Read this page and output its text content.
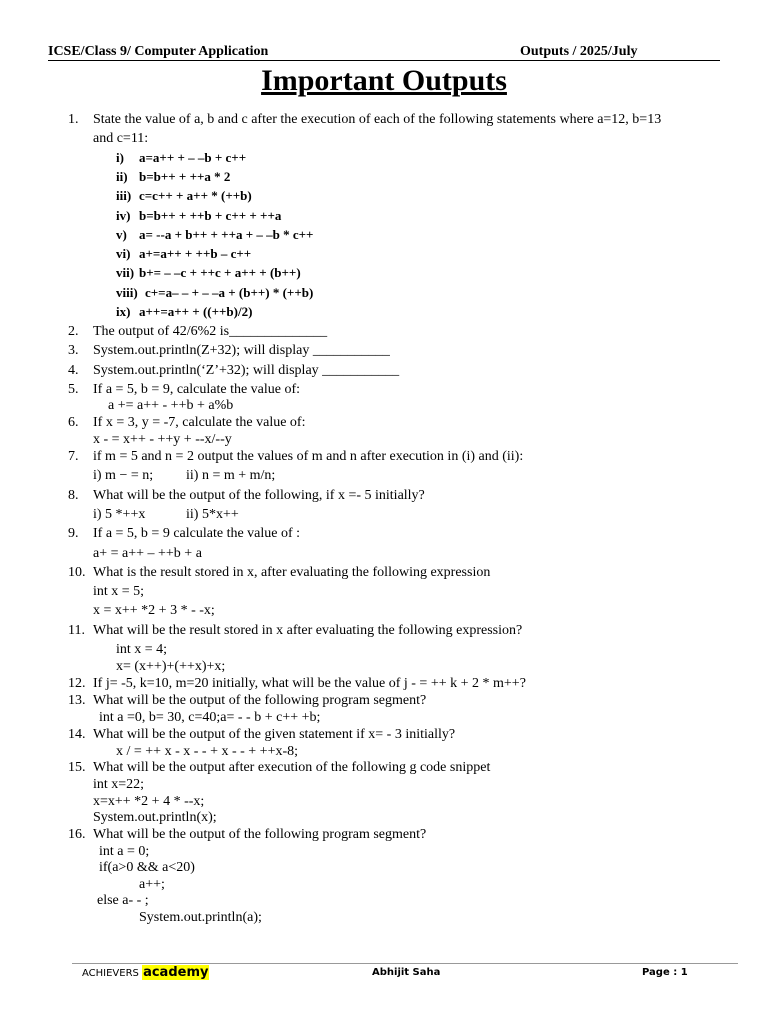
ICSE/Class 9/ Computer Application	Outputs / 2025/July
Important Outputs
1.	State the value of a, b and c after the execution of each of the following statements where a=12, b=13
and c=11:
i) a=a++ + – –b + c++
ii) b=b++ + ++a * 2
iii) c=c++ + a++ * (++b)
iv) b=b++ + ++b + c++ + ++a
v) a= --a + b++ + ++a + – –b * c++
vi) a+=a++ + ++b – c++
vii) b+= – –c + ++c + a++ + (b++)
viii) c+=a– – + – –a + (b++) * (++b)
ix) a++=a++ + ((++b)/2)
2.	The output of 42/6%2 is______________
3.	System.out.println(Z+32); will display ___________
4.	System.out.println(‘Z’+32); will display ___________
5.	If a = 5, b = 9, calculate the value of:
a += a++ - ++b + a%b
6.	If x = 3, y = -7, calculate the value of:
x - = x++ - ++y + --x/--y
7.	if m = 5 and n = 2 output the values of m and n after execution in (i) and (ii):
i) m − = n; ii) n = m + m/n;
8.	What will be the output of the following, if x =- 5 initially?
i) 5 *++x	ii) 5*x++
9.	If a = 5, b = 9 calculate the value of :
a+ = a++ – ++b + a
10. What is the result stored in x, after evaluating the following expression
int x = 5;
x = x++ *2 + 3 * - -x;
11. What will be the result stored in x after evaluating the following expression?
int x = 4;
x= (x++)+(++x)+x;
12. If j= -5, k=10, m=20 initially, what will be the value of j - = ++ k + 2 * m++?
13. What will be the output of the following program segment?
int a =0, b= 30, c=40;a= - - b + c++ +b;
14. What will be the output of the given statement if x= - 3 initially?
x / = ++ x - x - - + x - - + ++x-8;
15. What will be the output after execution of the following g code snippet
int x=22;
x=x++ *2 + 4 * --x;
System.out.println(x);
16. What will be the output of the following program segment?
int a = 0;
if(a>0 && a<20)
a++;
else a- - ;
System.out.println(a);
ACHIEVERS academy	Abhijit Saha	Page : 1
